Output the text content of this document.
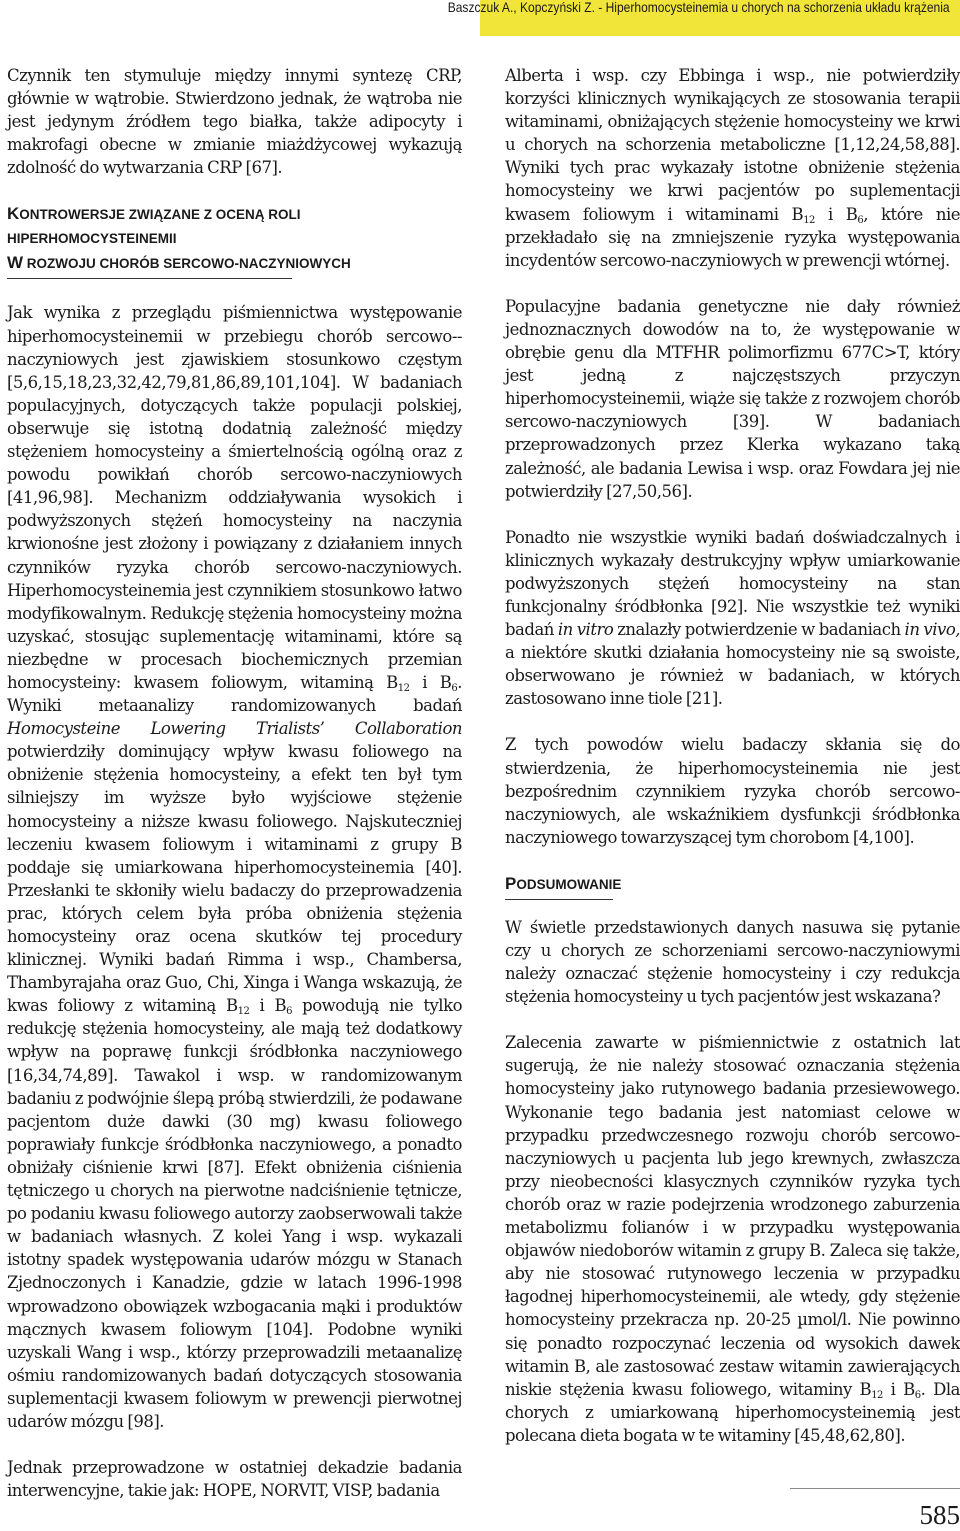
Baszczuk A., Kopczyński Z. - Hiperhomocysteinemia u chorych na schorzenia układu krążenia

Czynnik ten stymuluje między innymi syntezę CRP, głównie w wątrobie. Stwierdzono jednak, że wątroba nie jest jedynym źródłem tego białka, także adipocyty i makrofagi obecne w zmianie miażdżycowej wykazują zdolność do wytwarzania CRP [67].

KONTROWERSJE ZWIĄZANE Z OCENĄ ROLI HIPERHOMOCYSTEINEMII
W ROZWOJU CHORÓB SERCOWO-NACZYNIOWYCH

Jak wynika z przeglądu piśmiennictwa występowanie hiperhomocysteinemii w przebiegu chorób sercowo--naczyniowych jest zjawiskiem stosunkowo częstym [5,6,15,18,23,32,42,79,81,86,89,101,104]. W badaniach populacyjnych, dotyczących także populacji polskiej, obserwuje się istotną dodatnią zależność między stężeniem homocysteiny a śmiertelnością ogólną oraz z powodu powikłań chorób sercowo-naczyniowych [41,96,98]. Mechanizm oddziaływania wysokich i podwyższonych stężeń homocysteiny na naczynia krwionośne jest złożony i powiązany z działaniem innych czynników ryzyka chorób sercowo-naczyniowych. Hiperhomocysteinemia jest czynnikiem stosunkowo łatwo modyfikowalnym. Redukcję stężenia homocysteiny można uzyskać, stosując suplementację witaminami, które są niezbędne w procesach biochemicznych przemian homocysteiny: kwasem foliowym, witaminą $B_{12}$ i $B_6$. Wyniki metaanalizy randomizowanych badań Homocysteine Lowering Trialists’ Collaboration potwierdziły dominujący wpływ kwasu foliowego na obniżenie stężenia homocysteiny, a efekt ten był tym silniejszy im wyższe było wyjściowe stężenie homocysteiny a niższe kwasu foliowego. Najskuteczniej leczeniu kwasem foliowym i witaminami z grupy B poddaje się umiarkowana hiperhomocysteinemia [40]. Przesłanki te skłoniły wielu badaczy do przeprowadzenia prac, których celem była próba obniżenia stężenia homocysteiny oraz ocena skutków tej procedury klinicznej. Wyniki badań Rimma i wsp., Chambersa, Thambyrajaha oraz Guo, Chi, Xinga i Wanga wskazują, że kwas foliowy z witaminą $B_{12}$ i $B_6$ powodują nie tylko redukcję stężenia homocysteiny, ale mają też dodatkowy wpływ na poprawę funkcji śródbłonka naczyniowego [16,34,74,89]. Tawakol i wsp. w randomizowanym badaniu z podwójnie ślepą próbą stwierdzili, że podawane pacjentom duże dawki (30 mg) kwasu foliowego poprawiały funkcje śródbłonka naczyniowego, a ponadto obniżały ciśnienie krwi [87]. Efekt obniżenia ciśnienia tętniczego u chorych na pierwotne nadciśnienie tętnicze, po podaniu kwasu foliowego autorzy zaobserwowali także w badaniach własnych. Z kolei Yang i wsp. wykazali istotny spadek występowania udarów mózgu w Stanach Zjednoczonych i Kanadzie, gdzie w latach 1996-1998 wprowadzono obowiązek wzbogacania mąki i produktów mącznych kwasem foliowym [104]. Podobne wyniki uzyskali Wang i wsp., którzy przeprowadzili metaanalizę ośmiu randomizowanych badań dotyczących stosowania suplementacji kwasem foliowym w prewencji pierwotnej udarów mózgu [98].

Jednak przeprowadzone w ostatniej dekadzie badania interwencyjne, takie jak: HOPE, NORVIT, VISP, badania

Alberta i wsp. czy Ebbinga i wsp., nie potwierdziły korzyści klinicznych wynikających ze stosowania terapii witaminami, obniżających stężenie homocysteiny we krwi u chorych na schorzenia metaboliczne [1,12,24,58,88]. Wyniki tych prac wykazały istotne obniżenie stężenia homocysteiny we krwi pacjentów po suplementacji kwasem foliowym i witaminami $B_{12}$ i $B_6$, które nie przekładało się na zmniejszenie ryzyka występowania incydentów sercowo-naczyniowych w prewencji wtórnej.

Populacyjne badania genetyczne nie dały również jednoznacznych dowodów na to, że występowanie w obrębie genu dla MTFHR polimorfizmu 677C>T, który jest jedną z najczęstszych przyczyn hiperhomocysteinemii, wiąże się także z rozwojem chorób sercowo-naczyniowych [39]. W badaniach przeprowadzonych przez Klerka wykazano taką zależność, ale badania Lewisa i wsp. oraz Fowdara jej nie potwierdziły [27,50,56].

Ponadto nie wszystkie wyniki badań doświadczalnych i klinicznych wykazały destrukcyjny wpływ umiarkowanie podwyższonych stężeń homocysteiny na stan funkcjonalny śródbłonka [92]. Nie wszystkie też wyniki badań in vitro znalazły potwierdzenie w badaniach in vivo, a niektóre skutki działania homocysteiny nie są swoiste, obserwowano je również w badaniach, w których zastosowano inne tiole [21].

Z tych powodów wielu badaczy skłania się do stwierdzenia, że hiperhomocysteinemia nie jest bezpośrednim czynnikiem ryzyka chorób sercowo-naczyniowych, ale wskaźnikiem dysfunkcji śródbłonka naczyniowego towarzyszącej tym chorobom [4,100].

PODSUMOWANIE

W świetle przedstawionych danych nasuwa się pytanie czy u chorych ze schorzeniami sercowo-naczyniowymi należy oznaczać stężenie homocysteiny i czy redukcja stężenia homocysteiny u tych pacjentów jest wskazana?

Zalecenia zawarte w piśmiennictwie z ostatnich lat sugerują, że nie należy stosować oznaczania stężenia homocysteiny jako rutynowego badania przesiewowego. Wykonanie tego badania jest natomiast celowe w przypadku przedwczesnego rozwoju chorób sercowo-naczyniowych u pacjenta lub jego krewnych, zwłaszcza przy nieobecności klasycznych czynników ryzyka tych chorób oraz w razie podejrzenia wrodzonego zaburzenia metabolizmu folianów i w przypadku występowania objawów niedoborów witamin z grupy B. Zaleca się także, aby nie stosować rutynowego leczenia w przypadku łagodnej hiperhomocysteinemii, ale wtedy, gdy stężenie homocysteiny przekracza np. 20-25 µmol/l. Nie powinno się ponadto rozpoczynać leczenia od wysokich dawek witamin B, ale zastosować zestaw witamin zawierających niskie stężenia kwasu foliowego, witaminy $B_{12}$ i $B_6$. Dla chorych z umiarkowaną hiperhomocysteinemią jest polecana dieta bogata w te witaminy [45,48,62,80].

585
